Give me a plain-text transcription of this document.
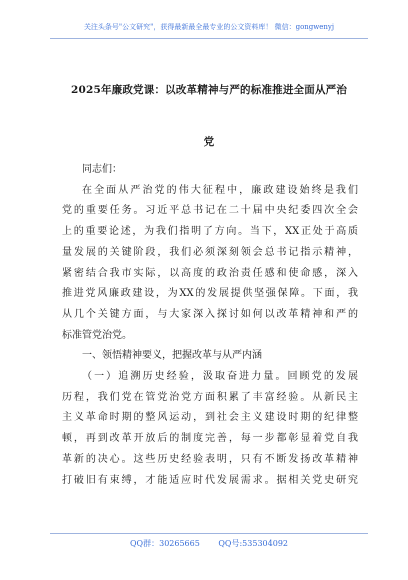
关注头条号"公文研究"，获得最新最全最专业的公文资料库！ 微信：gongwenyj
2025年廉政党课：以改革精神与严的标准推进全面从严治
党

同志们：

在全面从严治党的伟大征程中，廉政建设始终是我们
党的重要任务。习近平总书记在二十届中央纪委四次全会
上的重要论述，为我们指明了方向。当下，XX正处于高质
量发展的关键阶段，我们必须深刻领会总书记指示精神，
紧密结合我市实际，以高度的政治责任感和使命感，深入
推进党风廉政建设，为XX的发展提供坚强保障。下面，我
从几个关键方面，与大家深入探讨如何以改革精神和严的
标准管党治党。

一、领悟精神要义，把握改革与从严内涵

（一）追溯历史经验，汲取奋进力量。回顾党的发展
历程，我们党在管党治党方面积累了丰富经验。从新民主
主义革命时期的整风运动，到社会主义建设时期的纪律整
顿，再到改革开放后的制度完善，每一步都彰显着党自我
革新的决心。这些历史经验表明，只有不断发扬改革精神
打破旧有束缚，才能适应时代发展需求。据相关党史研究

QQ群：30265665 QQ号:535304092
